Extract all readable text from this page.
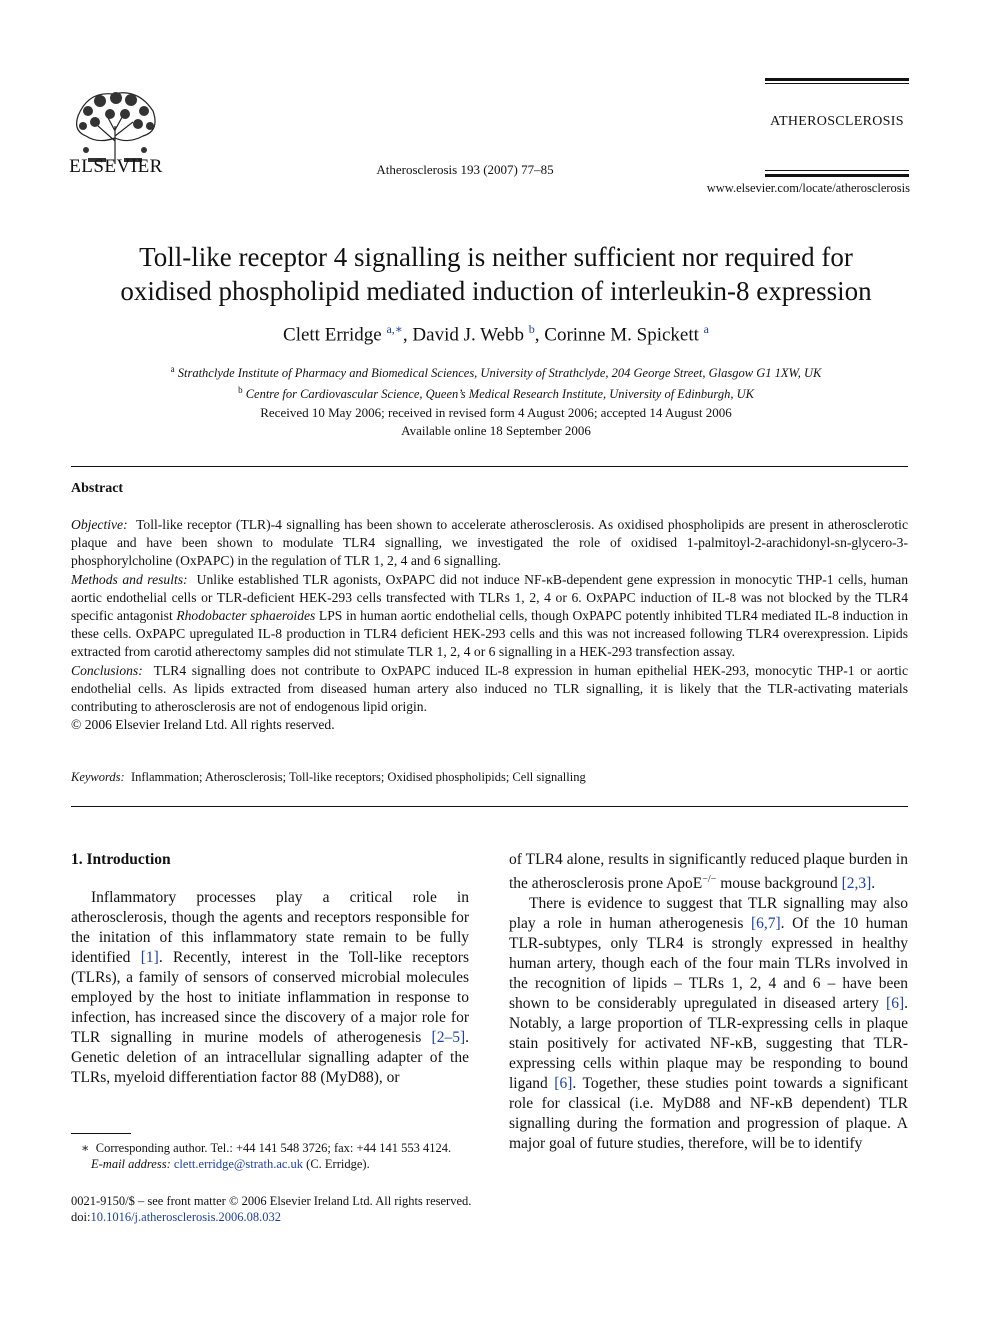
ELSEVIER	Atherosclerosis 193 (2007) 77–85
ATHEROSCLEROSIS
www.elsevier.com/locate/atherosclerosis
Toll-like receptor 4 signalling is neither sufficient nor required for
oxidised phospholipid mediated induction of interleukin-8 expression
Clett Erridge $^{a,∗}$, David J. Webb $^b$, Corinne M. Spickett $^a$
$^a$ Strathclyde Institute of Pharmacy and Biomedical Sciences, University of Strathclyde, 204 George Street, Glasgow G1 1XW, UK
$^b$ Centre for Cardiovascular Science, Queen’s Medical Research Institute, University of Edinburgh, UK
Received 10 May 2006; received in revised form 4 August 2006; accepted 14 August 2006
Available online 18 September 2006
Abstract

Objective: Toll-like receptor (TLR)-4 signalling has been shown to accelerate atherosclerosis. As oxidised phospholipids are present in atherosclerotic plaque and have been shown to modulate TLR4 signalling, we investigated the role of oxidised 1-palmitoyl-2-arachidonyl-sn-glycero-3-phosphorylcholine (OxPAPC) in the regulation of TLR 1, 2, 4 and 6 signalling.

Methods and results: Unlike established TLR agonists, OxPAPC did not induce NF-κB-dependent gene expression in monocytic THP-1 cells, human aortic endothelial cells or TLR-deficient HEK-293 cells transfected with TLRs 1, 2, 4 or 6. OxPAPC induction of IL-8 was not blocked by the TLR4 specific antagonist Rhodobacter sphaeroides LPS in human aortic endothelial cells, though OxPAPC potently inhibited TLR4 mediated IL-8 induction in these cells. OxPAPC upregulated IL-8 production in TLR4 deficient HEK-293 cells and this was not increased following TLR4 overexpression. Lipids extracted from carotid atherectomy samples did not stimulate TLR 1, 2, 4 or 6 signalling in a HEK-293 transfection assay.

Conclusions: TLR4 signalling does not contribute to OxPAPC induced IL-8 expression in human epithelial HEK-293, monocytic THP-1 or aortic endothelial cells. As lipids extracted from diseased human artery also induced no TLR signalling, it is likely that the TLR-activating materials contributing to atherosclerosis are not of endogenous lipid origin.

© 2006 Elsevier Ireland Ltd. All rights reserved.

Keywords: Inflammation; Atherosclerosis; Toll-like receptors; Oxidised phospholipids; Cell signalling

1. Introduction

Inflammatory processes play a critical role in atherosclerosis, though the agents and receptors responsible for the initation of this inflammatory state remain to be fully identified [1]. Recently, interest in the Toll-like receptors (TLRs), a family of sensors of conserved microbial molecules employed by the host to initiate inflammation in response to infection, has increased since the discovery of a major role for TLR signalling in murine models of atherogenesis [2–5]. Genetic deletion of an intracellular signalling adapter of the TLRs, myeloid differentiation factor 88 (MyD88), or

of TLR4 alone, results in significantly reduced plaque burden in the atherosclerosis prone ApoE−/− mouse background [2,3].

There is evidence to suggest that TLR signalling may also play a role in human atherogenesis [6,7]. Of the 10 human TLR-subtypes, only TLR4 is strongly expressed in healthy human artery, though each of the four main TLRs involved in the recognition of lipids – TLRs 1, 2, 4 and 6 – have been shown to be considerably upregulated in diseased artery [6]. Notably, a large proportion of TLR-expressing cells in plaque stain positively for activated NF-κB, suggesting that TLR-expressing cells within plaque may be responding to bound ligand [6]. Together, these studies point towards a significant role for classical (i.e. MyD88 and NF-κB dependent) TLR signalling during the formation and progression of plaque. A major goal of future studies, therefore, will be to identify

∗ Corresponding author. Tel.: +44 141 548 3726; fax: +44 141 553 4124.
E-mail address: clett.erridge@strath.ac.uk (C. Erridge).
0021-9150/$ – see front matter © 2006 Elsevier Ireland Ltd. All rights reserved.
doi:10.1016/j.atherosclerosis.2006.08.032
